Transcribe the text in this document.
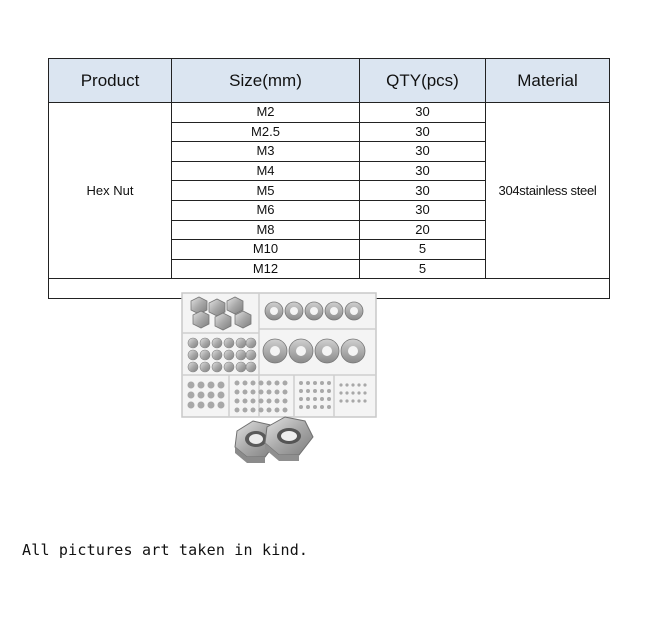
Product	Size(mm)	QTY(pcs)	Material
Hex Nut	M2	30	304stainless steel
	M2.5	30	
	M3	30	
	M4	30	
	M5	30	
	M6	30	
	M8	20	
	M10	5	
	M12	5	

All pictures art taken in kind.
